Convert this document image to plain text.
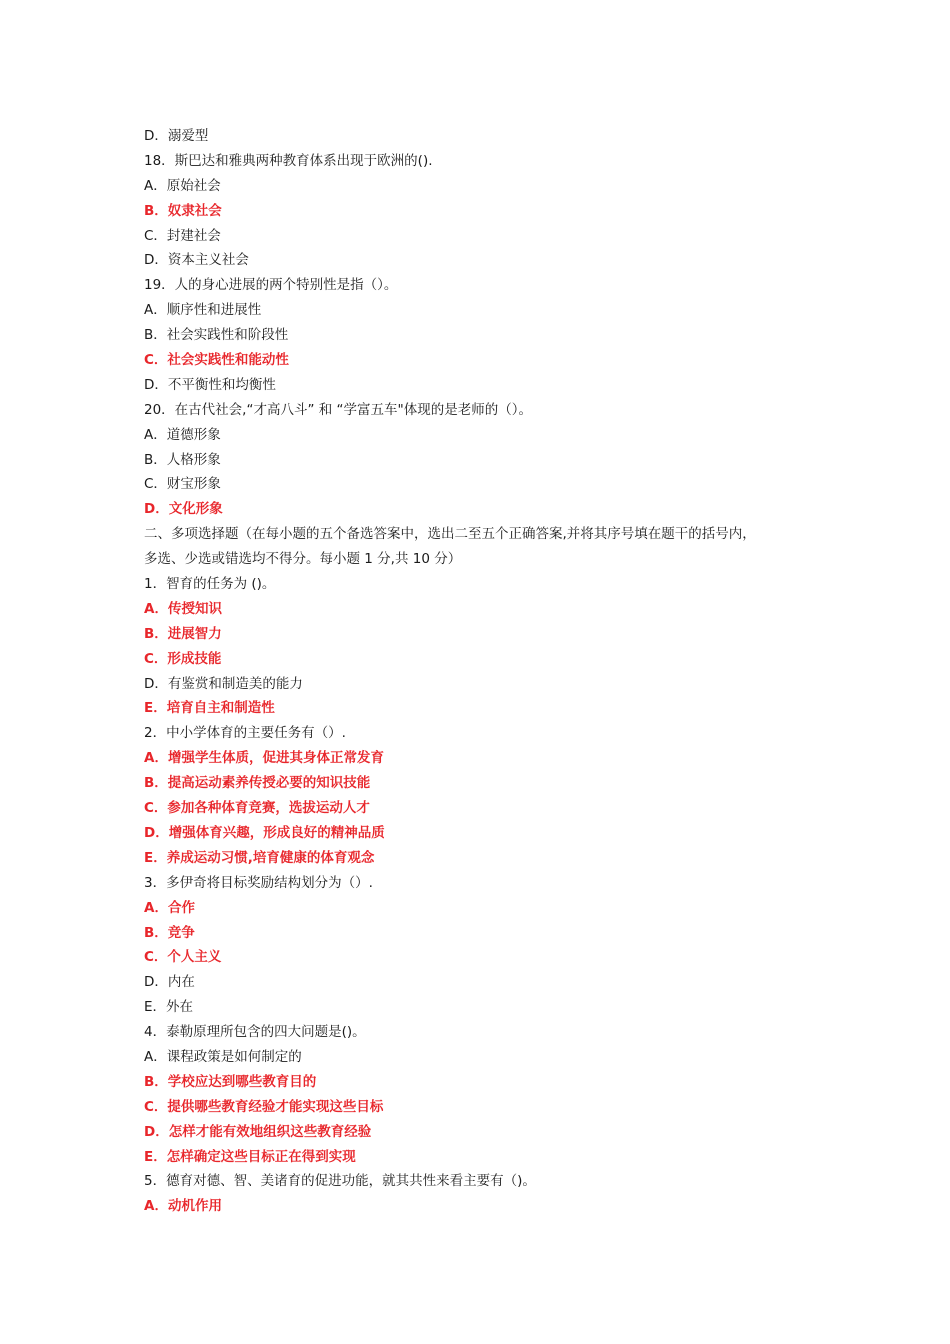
D．溺爱型
18．斯巴达和雅典两种教育体系出现于欧洲的().
A．原始社会
B．奴隶社会
C．封建社会
D．资本主义社会
19．人的身心进展的两个特别性是指（）。
A．顺序性和进展性
B．社会实践性和阶段性
C．社会实践性和能动性
D．不平衡性和均衡性
20．在古代社会,“才高八斗” 和 “学富五车"体现的是老师的（）。
A．道德形象
B．人格形象
C．财宝形象
D．文化形象
二、多项选择题（在每小题的五个备选答案中，选出二至五个正确答案,并将其序号填在题干的括号内，
多选、少选或错选均不得分。每小题 1 分,共 10 分）
1．智育的任务为 ()。
A．传授知识
B．进展智力
C．形成技能
D．有鉴赏和制造美的能力
E．培育自主和制造性
2．中小学体育的主要任务有（）.
A．增强学生体质，促进其身体正常发育
B．提高运动素养传授必要的知识技能
C．参加各种体育竞赛，选拔运动人才
D．增强体育兴趣，形成良好的精神品质
E．养成运动习惯,培育健康的体育观念
3．多伊奇将目标奖励结构划分为（）.
A．合作
B．竞争
C．个人主义
D．内在
E．外在
4．泰勒原理所包含的四大问题是()。
A．课程政策是如何制定的
B．学校应达到哪些教育目的
C．提供哪些教育经验才能实现这些目标
D．怎样才能有效地组织这些教育经验
E．怎样确定这些目标正在得到实现
5．德育对德、智、美诸育的促进功能，就其共性来看主要有（)。
A．动机作用
